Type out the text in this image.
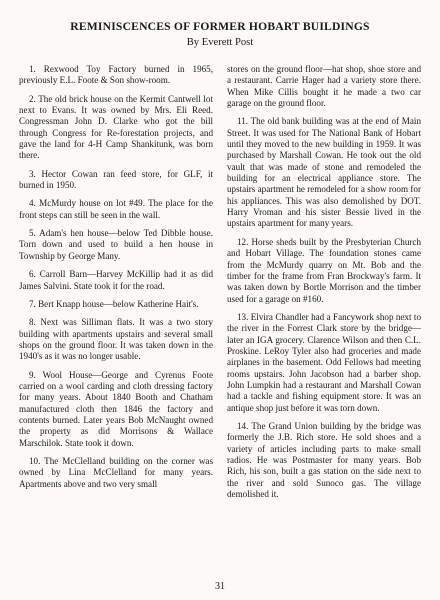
REMINISCENCES OF FORMER HOBART BUILDINGS

By Everett Post

1. Rexwood Toy Factory burned in 1965, previously E.L. Foote & Son show-room.

2. The old brick house on the Kermit Cantwell lot next to Evans. It was owned by Mrs. Eli Reed. Congressman John D. Clarke who got the bill through Congress for Re-forestation projects, and gave the land for 4-H Camp Shankitunk, was born there.

3. Hector Cowan ran feed store, for GLF, it burned in 1950.

4. McMurdy house on lot #49. The place for the front steps can still be seen in the wall.

5. Adam's hen house—below Ted Dibble house. Torn down and used to build a hen house in Township by George Many.

6. Carroll Barn—Harvey McKillip had it as did James Salvini. State took it for the road.

7. Bert Knapp house—below Katherine Hait's.

8. Next was Silliman flats. It was a two story building with apartments upstairs and several small shops on the ground floor. It was taken down in the 1940's as it was no longer usable.

9. Wool House—George and Cyrenus Foote carried on a wool carding and cloth dressing factory for many years. About 1840 Booth and Chatham manufactured cloth then 1846 the factory and contents burned. Later years Bob McNaught owned the property as did Morrisons & Wallace Marschilok. State took it down.

10. The McClelland building on the corner was owned by Lina McClelland for many years. Apartments above and two very small

stores on the ground floor—hat shop, shoe store and a restaurant. Carrie Hager had a variety store there. When Mike Cillis bought it he made a two car garage on the ground floor.

11. The old bank building was at the end of Main Street. It was used for The National Bank of Hobart until they moved to the new building in 1959. It was purchased by Marshall Cowan. He took out the old vault that was made of stone and remodeled the building for an electrical appliance store. The upstairs apartment he remodeled for a show room for his appliances. This was also demolished by DOT. Harry Vroman and his sister Bessie lived in the upstairs apartment for many years.

12. Horse sheds built by the Presbyterian Church and Hobart Village. The foundation stones came from the McMurdy quarry on Mt. Bob and the timber for the frame from Fran Brockway's farm. It was taken down by Bortle Morrison and the timber used for a garage on #160.

13. Elvira Chandler had a Fancywork shop next to the river in the Forrest Clark store by the bridge—later an IGA grocery. Clarence Wilson and then C.L. Proskine. LeRoy Tyler also had groceries and made airplanes in the basement. Odd Fellows had meeting rooms upstairs. John Jacobson had a barber shop. John Lumpkin had a restaurant and Marshall Cowan had a tackle and fishing equipment store. It was an antique shop just before it was torn down.

14. The Grand Union building by the bridge was formerly the J.B. Rich store. He sold shoes and a variety of articles including parts to make small radios. He was Postmaster for many years. Bob Rich, his son, built a gas station on the side next to the river and sold Sunoco gas. The village demolished it.

31
